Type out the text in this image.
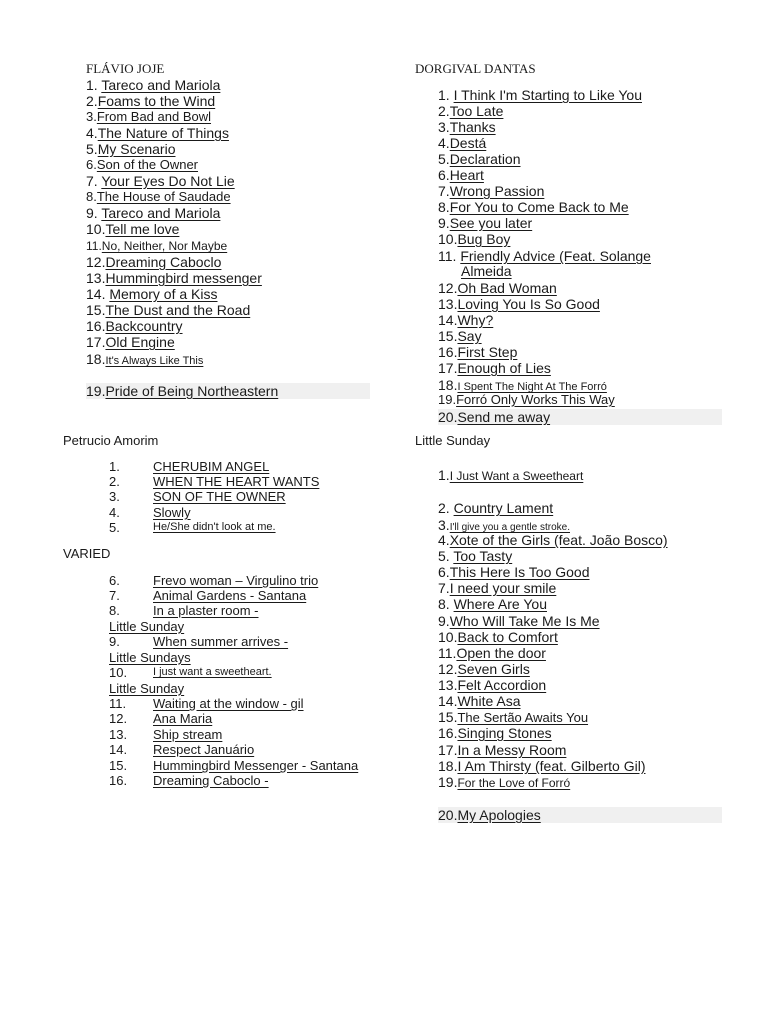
FLÁVIO JOJE
1. Tareco and Mariola
2.Foams to the Wind
3.From Bad and Bowl
4.The Nature of Things
5.My Scenario
6.Son of the Owner
7. Your Eyes Do Not Lie
8.The House of Saudade
9. Tareco and Mariola
10.Tell me love
11.No, Neither, Nor Maybe
12.Dreaming Caboclo
13.Hummingbird messenger
14. Memory of a Kiss
15.The Dust and the Road
16.Backcountry
17.Old Engine
18.It's Always Like This
19.Pride of Being Northeastern
DORGIVAL DANTAS
1. I Think I'm Starting to Like You
2.Too Late
3.Thanks
4.Destá
5.Declaration
6.Heart
7.Wrong Passion
8.For You to Come Back to Me
9.See you later
10.Bug Boy
11. Friendly Advice (Feat. Solange
Almeida
12.Oh Bad Woman
13.Loving You Is So Good
14.Why?
15.Say
16.First Step
17.Enough of Lies
18.I Spent The Night At The Forró
19.Forró Only Works This Way
20.Send me away
Petrucio Amorim
1.	CHERUBIM ANGEL
2.	WHEN THE HEART WANTS
3.	SON OF THE OWNER
4.	Slowly
5.	He/She didn't look at me.
VARIED
6.	Frevo woman – Virgulino trio
7.	Animal Gardens - Santana
8.	In a plaster room -
Little Sunday
9.	When summer arrives -
Little Sundays
10. I just want a sweetheart.
Little Sunday
11. Waiting at the window - gil
12. Ana Maria
13. Ship stream
14. Respect Januário
15. Hummingbird Messenger - Santana
16. Dreaming Caboclo -
Little Sunday
1.I Just Want a Sweetheart
2. Country Lament
3.I'll give you a gentle stroke.
4.Xote of the Girls (feat. João Bosco)
5. Too Tasty
6.This Here Is Too Good
7.I need your smile
8. Where Are You
9.Who Will Take Me Is Me
10.Back to Comfort
11.Open the door
12.Seven Girls
13.Felt Accordion
14.White Asa
15.The Sertão Awaits You
16.Singing Stones
17.In a Messy Room
18.I Am Thirsty (feat. Gilberto Gil)
19.For the Love of Forró
20.My Apologies
